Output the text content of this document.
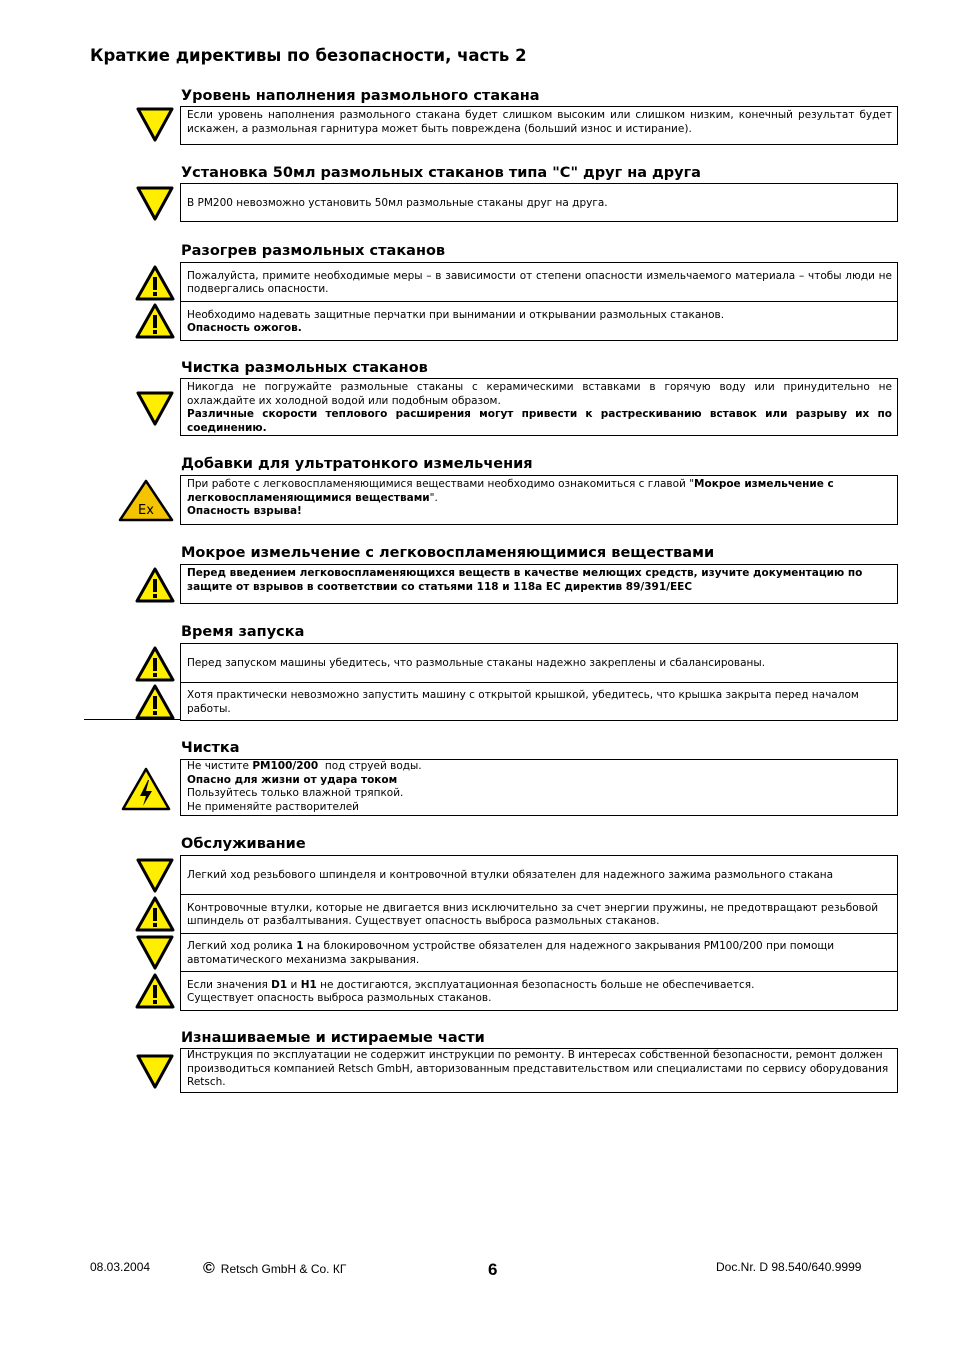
Краткие директивы по безопасности, часть 2
Уровень наполнения размольного стакана
Если уровень наполнения размольного стакана будет слишком высоким или слишком низким, конечный результат будет искажен, а размольная гарнитура может быть повреждена (больший износ и истирание).
Установка 50мл размольных стаканов типа "С" друг на друга
В PM200 невозможно установить 50мл размольные стаканы друг на друга.
Разогрев размольных стаканов
Пожалуйста, примите необходимые меры – в зависимости от степени опасности измельчаемого материала – чтобы люди не подвергались опасности.
Необходимо надевать защитные перчатки при вынимании и открывании размольных стаканов.
Опасность ожогов.
Чистка размольных стаканов
Никогда не погружайте размольные стаканы с керамическими вставками в горячую воду или принудительно не охлаждайте их холодной водой или подобным образом.
Различные скорости теплового расширения могут привести к растрескиванию вставок или разрыву их по соединению.
Добавки для ультратонкого измельчения
Ex
При работе с легковоспламеняющимися веществами необходимо ознакомиться с главой "Мокрое измельчение с легковоспламеняющимися веществами".
Опасность взрыва!
Мокрое измельчение с легковоспламеняющимися веществами
Перед введением легковоспламеняющихся веществ в качестве мелющих средств, изучите документацию по защите от взрывов в соответствии со статьями 118 и 118a ЕС директив 89/391/EEC
Время запуска
Перед запуском машины убедитесь, что размольные стаканы надежно закреплены и сбалансированы.
Хотя практически невозможно запустить машину с открытой крышкой, убедитесь, что крышка закрыта перед началом работы.
Чистка
Не чистите PM100/200  под струей воды.
Опасно для жизни от удара током
Пользуйтесь только влажной тряпкой.
Не применяйте растворителей
Обслуживание
Легкий ход резьбового шпинделя и контровочной втулки обязателен для надежного зажима размольного стакана
Контровочные втулки, которые не двигается вниз исключительно за счет энергии пружины, не предотвращают резьбовой шпиндель от разбалтывания. Существует опасность выброса размольных стаканов.
Легкий ход ролика 1 на блокировочном устройстве обязателен для надежного закрывания PM100/200 при помощи автоматического механизма закрывания.
Если значения D1 и H1 не достигаются, эксплуатационная безопасность больше не обеспечивается.
Существует опасность выброса размольных стаканов.
Изнашиваемые и истираемые части
Инструкция по эксплуатации не содержит инструкции по ремонту. В интересах собственной безопасности, ремонт должен производиться компанией Retsch GmbH, авторизованным представительством или специалистами по сервису оборудования Retsch.
08.03.2004	© Retsch GmbH & Co. КГ	6	Doc.Nr. D 98.540/640.9999
